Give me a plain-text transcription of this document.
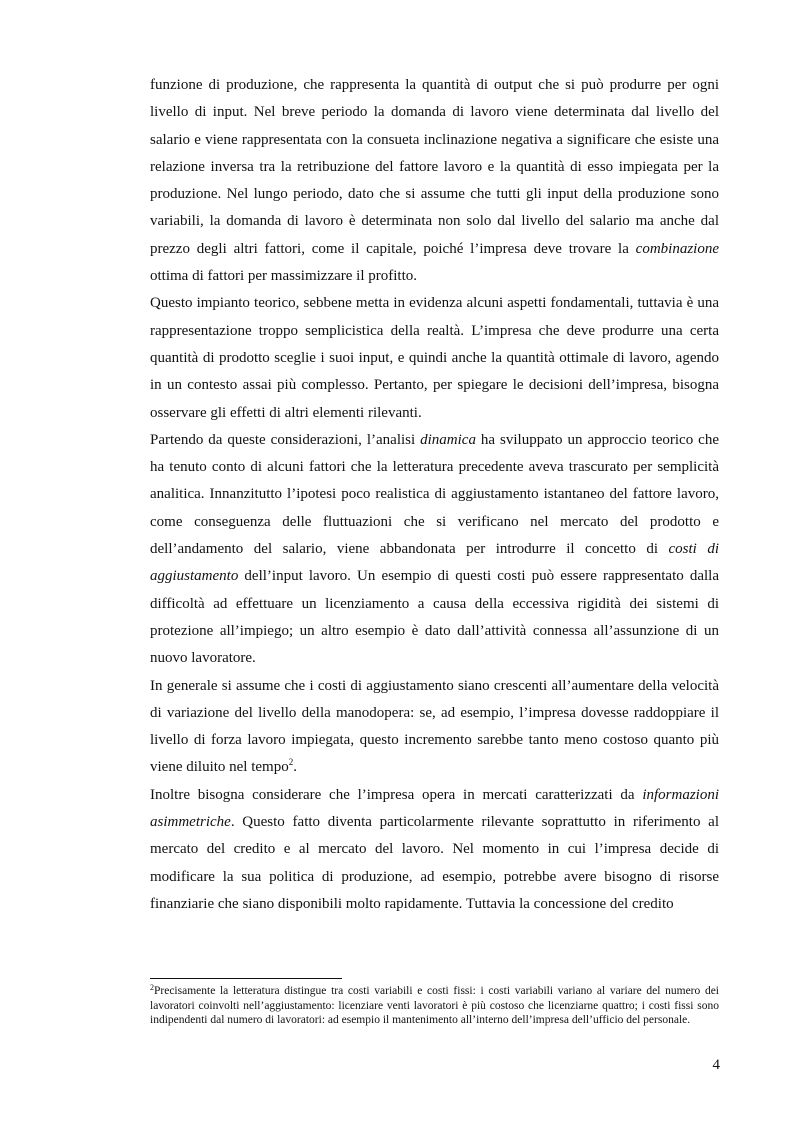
funzione di produzione, che rappresenta la quantità di output che si può produrre per ogni livello di input. Nel breve periodo la domanda di lavoro viene determinata dal livello del salario e viene rappresentata con la consueta inclinazione negativa a significare che esiste una relazione inversa tra la retribuzione del fattore lavoro e la quantità di esso impiegata per la produzione. Nel lungo periodo, dato che si assume che tutti gli input della produzione sono variabili, la domanda di lavoro è determinata non solo dal livello del salario ma anche dal prezzo degli altri fattori, come il capitale, poiché l’impresa deve trovare la combinazione ottima di fattori per massimizzare il profitto.

Questo impianto teorico, sebbene metta in evidenza alcuni aspetti fondamentali, tuttavia è una rappresentazione troppo semplicistica della realtà. L’impresa che deve produrre una certa quantità di prodotto sceglie i suoi input, e quindi anche la quantità ottimale di lavoro, agendo in un contesto assai più complesso. Pertanto, per spiegare le decisioni dell’impresa, bisogna osservare gli effetti di altri elementi rilevanti.

Partendo da queste considerazioni, l’analisi dinamica ha sviluppato un approccio teorico che ha tenuto conto di alcuni fattori che la letteratura precedente aveva trascurato per semplicità analitica. Innanzitutto l’ipotesi poco realistica di aggiustamento istantaneo del fattore lavoro, come conseguenza delle fluttuazioni che si verificano nel mercato del prodotto e dell’andamento del salario, viene abbandonata per introdurre il concetto di costi di aggiustamento dell’input lavoro. Un esempio di questi costi può essere rappresentato dalla difficoltà ad effettuare un licenziamento a causa della eccessiva rigidità dei sistemi di protezione all’impiego; un altro esempio è dato dall’attività connessa all’assunzione di un nuovo lavoratore.

In generale si assume che i costi di aggiustamento siano crescenti all’aumentare della velocità di variazione del livello della manodopera: se, ad esempio, l’impresa dovesse raddoppiare il livello di forza lavoro impiegata, questo incremento sarebbe tanto meno costoso quanto più viene diluito nel tempo$^2$.

Inoltre bisogna considerare che l’impresa opera in mercati caratterizzati da informazioni asimmetriche. Questo fatto diventa particolarmente rilevante soprattutto in riferimento al mercato del credito e al mercato del lavoro. Nel momento in cui l’impresa decide di modificare la sua politica di produzione, ad esempio, potrebbe avere bisogno di risorse finanziarie che siano disponibili molto rapidamente. Tuttavia la concessione del credito

$^2$Precisamente la letteratura distingue tra costi variabili e costi fissi: i costi variabili variano al variare del numero dei lavoratori coinvolti nell’aggiustamento: licenziare venti lavoratori è più costoso che licenziarne quattro; i costi fissi sono indipendenti dal numero di lavoratori: ad esempio il mantenimento all’interno dell’impresa dell’ufficio del personale.
4
